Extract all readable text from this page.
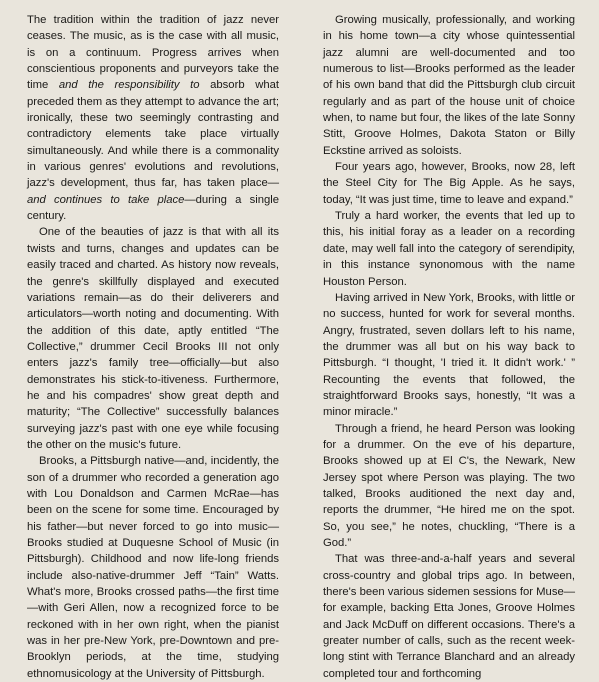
The tradition within the tradition of jazz never ceases. The music, as is the case with all music, is on a continuum. Progress arrives when conscientious proponents and purveyors take the time and the responsibility to absorb what preceded them as they attempt to advance the art; ironically, these two seemingly contrasting and contradictory elements take place virtually simultaneously. And while there is a commonality in various genres' evolutions and revolutions, jazz's development, thus far, has taken place—and continues to take place—during a single century.

One of the beauties of jazz is that with all its twists and turns, changes and updates can be easily traced and charted. As history now reveals, the genre's skillfully displayed and executed variations remain—as do their deliverers and articulators—worth noting and documenting. With the addition of this date, aptly entitled “The Collective,” drummer Cecil Brooks III not only enters jazz's family tree—officially—but also demonstrates his stick-to-itiveness. Furthermore, he and his compadres' show great depth and maturity; “The Collective” successfully balances surveying jazz's past with one eye while focusing the other on the music's future.

Brooks, a Pittsburgh native—and, incidently, the son of a drummer who recorded a generation ago with Lou Donaldson and Carmen McRae—has been on the scene for some time. Encouraged by his father—but never forced to go into music—Brooks studied at Duquesne School of Music (in Pittsburgh). Childhood and now life-long friends include also-native-drummer Jeff “Tain” Watts. What's more, Brooks crossed paths—the first time—with Geri Allen, now a recognized force to be reckoned with in her own right, when the pianist was in her pre-New York, pre-Downtown and pre-Brooklyn periods, at the time, studying ethnomusicology at the University of Pittsburgh.

Growing musically, professionally, and working in his home town—a city whose quintessential jazz alumni are well-documented and too numerous to list—Brooks performed as the leader of his own band that did the Pittsburgh club circuit regularly and as part of the house unit of choice when, to name but four, the likes of the late Sonny Stitt, Groove Holmes, Dakota Staton or Billy Eckstine arrived as soloists.

Four years ago, however, Brooks, now 28, left the Steel City for The Big Apple. As he says, today, “It was just time, time to leave and expand.”

Truly a hard worker, the events that led up to this, his initial foray as a leader on a recording date, may well fall into the category of serendipity, in this instance synonomous with the name Houston Person.

Having arrived in New York, Brooks, with little or no success, hunted for work for several months. Angry, frustrated, seven dollars left to his name, the drummer was all but on his way back to Pittsburgh. “I thought, 'I tried it. It didn't work.' ” Recounting the events that followed, the straightforward Brooks says, honestly, “It was a minor miracle.”

Through a friend, he heard Person was looking for a drummer. On the eve of his departure, Brooks showed up at El C's, the Newark, New Jersey spot where Person was playing. The two talked, Brooks auditioned the next day and, reports the drummer, “He hired me on the spot. So, you see,” he notes, chuckling, “There is a God.”

That was three-and-a-half years and several cross-country and global trips ago. In between, there's been various sidemen sessions for Muse—for example, backing Etta Jones, Groove Holmes and Jack McDuff on different occasions. There's a greater number of calls, such as the recent week-long stint with Terrance Blanchard and an already completed tour and forthcoming
